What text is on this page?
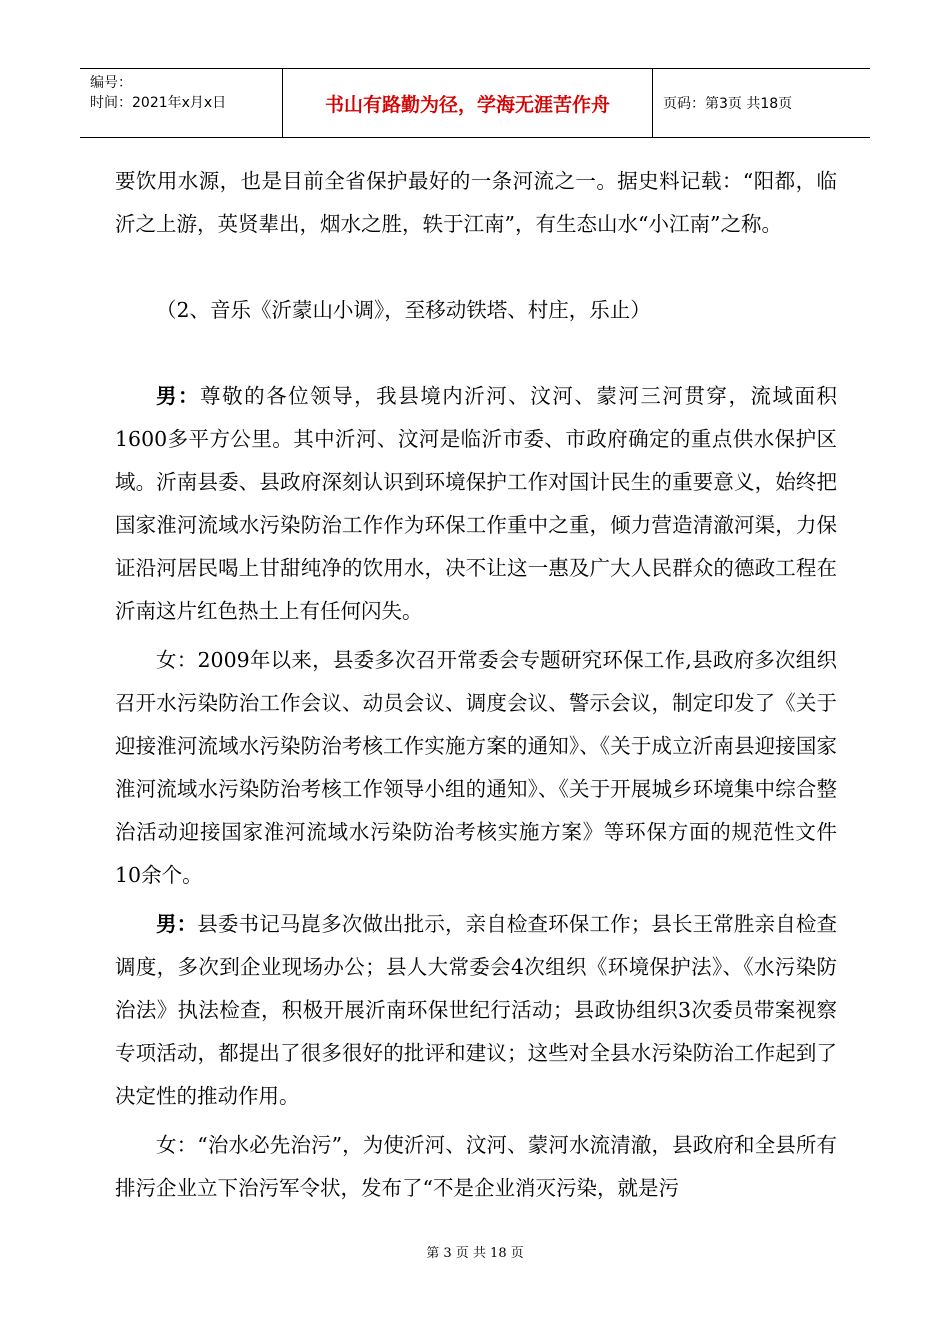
编号：
时间：2021年x月x日	书山有路勤为径，学海无涯苦作舟	页码：第3页 共18页

要饮用水源，也是目前全省保护最好的一条河流之一。据史料记载：“阳都，临沂之上游，英贤辈出，烟水之胜，轶于江南”，有生态山水“小江南”之称。

（2、音乐《沂蒙山小调》，至移动铁塔、村庄，乐止）

男：尊敬的各位领导，我县境内沂河、汶河、蒙河三河贯穿，流域面积1600多平方公里。其中沂河、汶河是临沂市委、市政府确定的重点供水保护区域。沂南县委、县政府深刻认识到环境保护工作对国计民生的重要意义，始终把国家淮河流域水污染防治工作作为环保工作重中之重，倾力营造清澈河渠，力保证沿河居民喝上甘甜纯净的饮用水，决不让这一惠及广大人民群众的德政工程在沂南这片红色热土上有任何闪失。

女：2009年以来，县委多次召开常委会专题研究环保工作,县政府多次组织召开水污染防治工作会议、动员会议、调度会议、警示会议，制定印发了《关于迎接淮河流域水污染防治考核工作实施方案的通知》、《关于成立沂南县迎接国家淮河流域水污染防治考核工作领导小组的通知》、《关于开展城乡环境集中综合整治活动迎接国家淮河流域水污染防治考核实施方案》等环保方面的规范性文件10余个。

男：县委书记马崑多次做出批示，亲自检查环保工作；县长王常胜亲自检查调度，多次到企业现场办公；县人大常委会4次组织《环境保护法》、《水污染防治法》执法检查，积极开展沂南环保世纪行活动；县政协组织3次委员带案视察专项活动，都提出了很多很好的批评和建议；这些对全县水污染防治工作起到了决定性的推动作用。

女：“治水必先治污”，为使沂河、汶河、蒙河水流清澈，县政府和全县所有排污企业立下治污军令状，发布了“不是企业消灭污染，就是污

第 3 页 共 18 页
